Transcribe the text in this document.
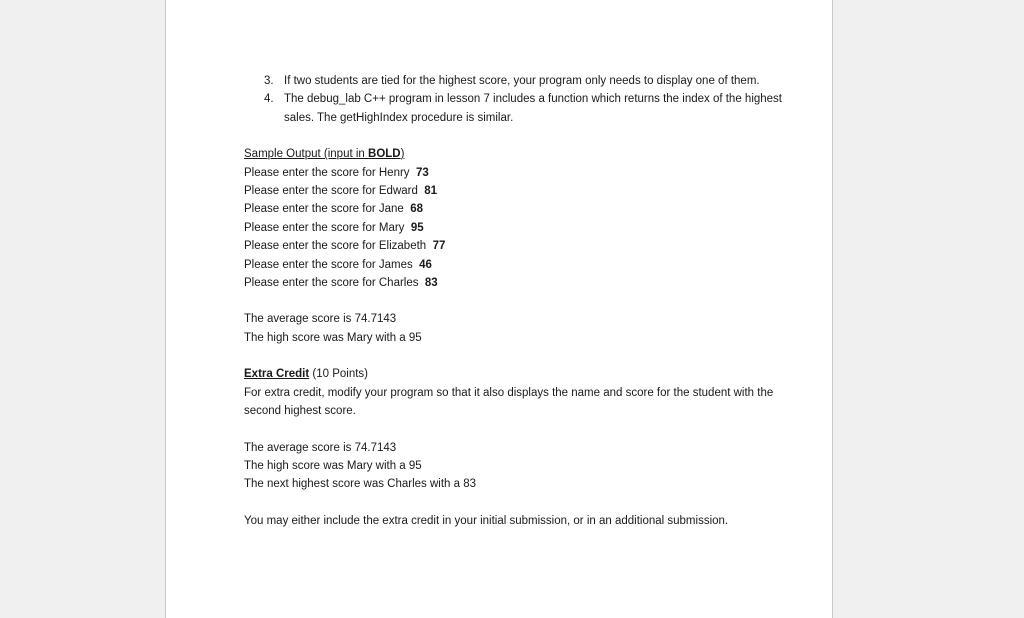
3. If two students are tied for the highest score, your program only needs to display one of them.
4. The debug_lab C++ program in lesson 7 includes a function which returns the index of the highest sales. The getHighIndex procedure is similar.
Sample Output (input in BOLD)
Please enter the score for Henry 73
Please enter the score for Edward 81
Please enter the score for Jane 68
Please enter the score for Mary 95
Please enter the score for Elizabeth 77
Please enter the score for James 46
Please enter the score for Charles 83
The average score is 74.7143
The high score was Mary with a 95
Extra Credit (10 Points)
For extra credit, modify your program so that it also displays the name and score for the student with the second highest score.
The average score is 74.7143
The high score was Mary with a 95
The next highest score was Charles with a 83
You may either include the extra credit in your initial submission, or in an additional submission.
